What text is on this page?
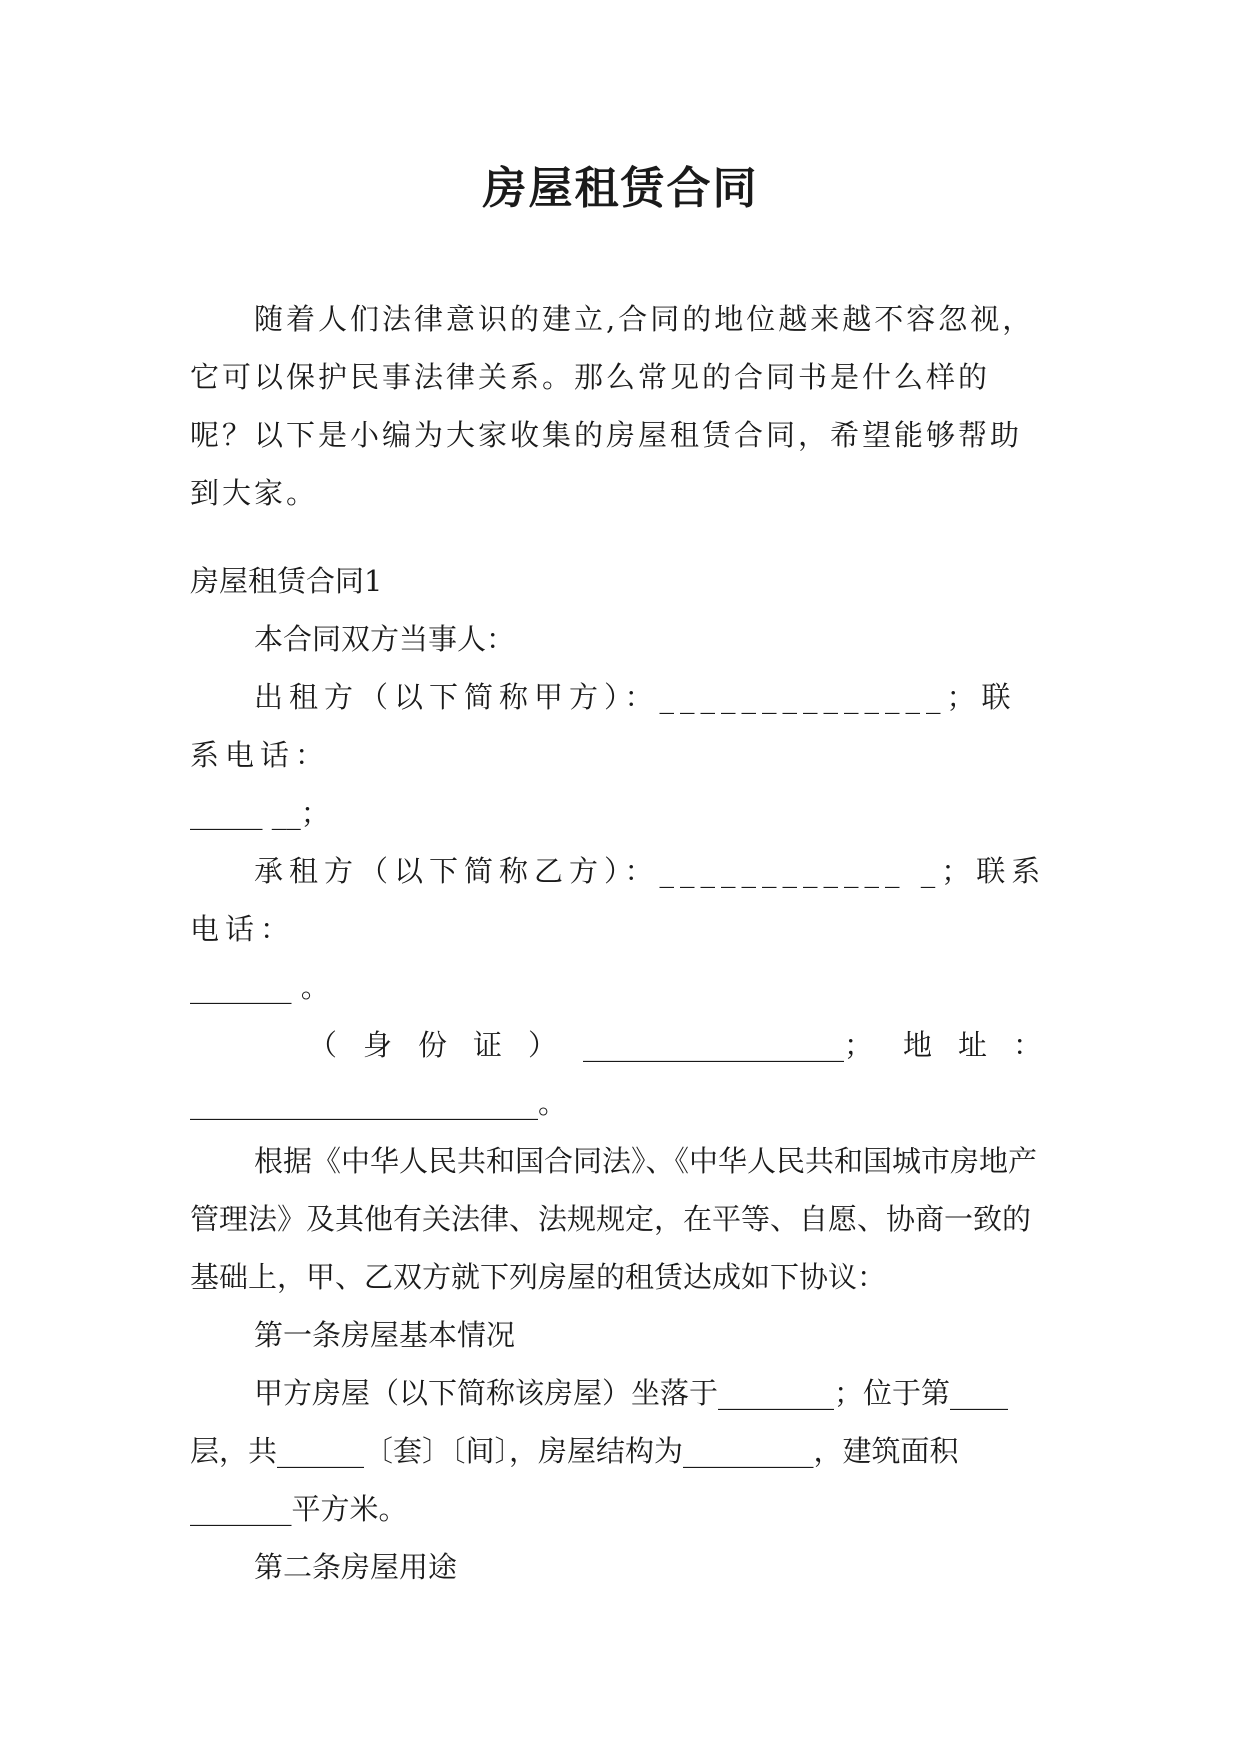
房屋租赁合同

随着人们法律意识的建立,合同的地位越来越不容忽视，它可以保护民事法律关系。那么常见的合同书是什么样的呢？以下是小编为大家收集的房屋租赁合同，希望能够帮助到大家。

房屋租赁合同1

本合同双方当事人：

出租方（以下简称甲方）：______________；联系电话：

_____ __；

承租方（以下简称乙方）：____________ _；联系电话：

_______ 。

（身份证）__________________； 地址：

________________________。

根据《中华人民共和国合同法》、《中华人民共和国城市房地产管理法》及其他有关法律、法规规定，在平等、自愿、协商一致的基础上，甲、乙双方就下列房屋的租赁达成如下协议：

第一条房屋基本情况

甲方房屋（以下简称该房屋）坐落于________；位于第____层，共______〔套〕〔间〕，房屋结构为_________，建筑面积_______平方米。

第二条房屋用途
